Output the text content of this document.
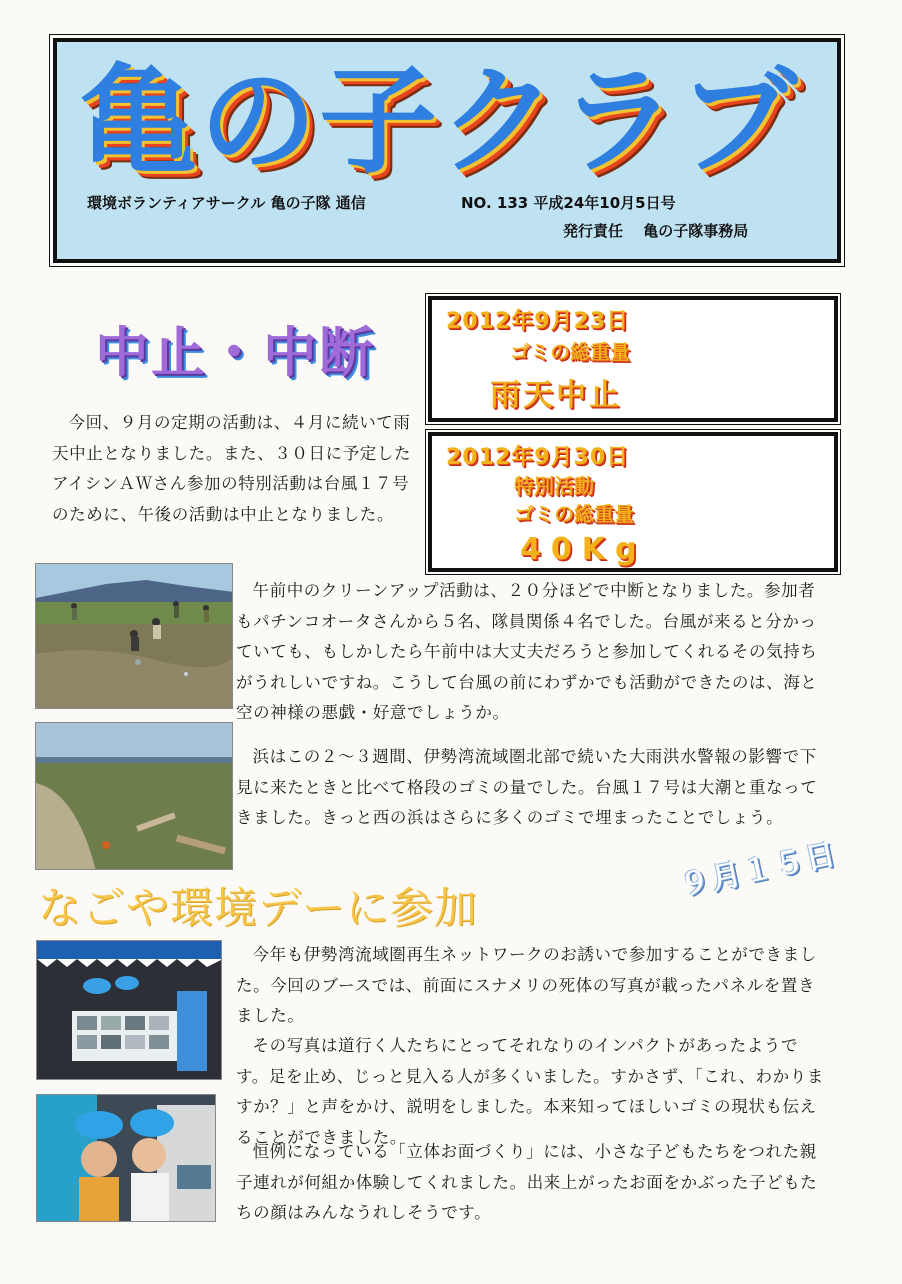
亀の子クラブ
環境ボランティアサークル 亀の子隊 通信	NO. 133 平成24年10月5日号
発行責任　 亀の子隊事務局
中止・中断	2012年9月23日
ゴミの総重量
雨天中止
2012年9月30日
特別活動
ゴミの総重量
40Kg
今回、９月の定期の活動は、４月に続いて雨天中止となりました。また、３０日に予定したアイシンＡＷさん参加の特別活動は台風１７号のために、午後の活動は中止となりました。
午前中のクリーンアップ活動は、２０分ほどで中断となりました。参加者もパチンコオータさんから５名、隊員関係４名でした。台風が来ると分かっていても、もしかしたら午前中は大丈夫だろうと参加してくれるその気持ちがうれしいですね。こうして台風の前にわずかでも活動ができたのは、海と空の神様の悪戯・好意でしょうか。
浜はこの２～３週間、伊勢湾流域圏北部で続いた大雨洪水警報の影響で下見に来たときと比べて格段のゴミの量でした。台風１７号は大潮と重なってきました。きっと西の浜はさらに多くのゴミで埋まったことでしょう。
なごや環境デーに参加
９月１５日
今年も伊勢湾流域圏再生ネットワークのお誘いで参加することができました。今回のブースでは、前面にスナメリの死体の写真が載ったパネルを置きました。
その写真は道行く人たちにとってそれなりのインパクトがあったようです。足を止め、じっと見入る人が多くいました。すかさず、「これ、わかりますか？」と声をかけ、説明をしました。本来知ってほしいゴミの現状も伝えることができました。
恒例になっている「立体お面づくり」には、小さな子どもたちをつれた親子連れが何組か体験してくれました。出来上がったお面をかぶった子どもたちの顔はみんなうれしそうです。
